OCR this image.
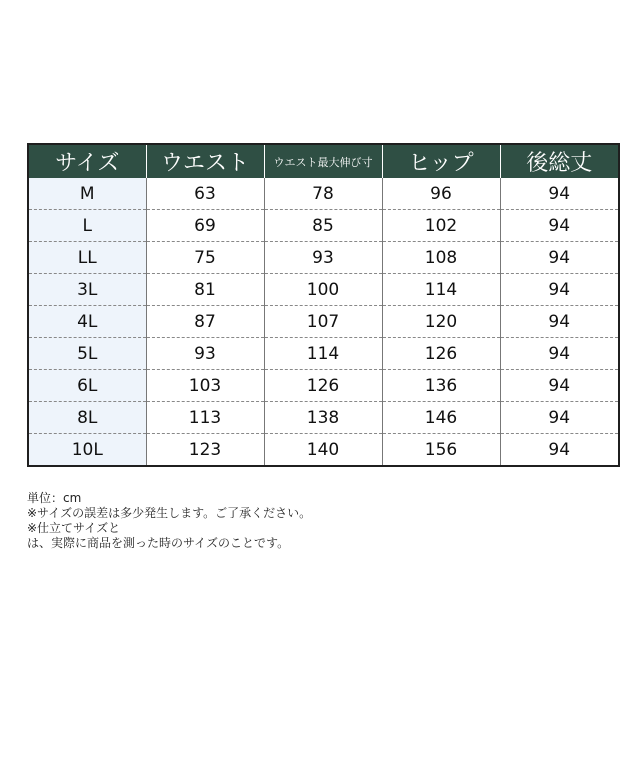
サイズ	ウエスト	ウエスト最大伸び寸	ヒップ	後総丈
M	63	78	96	94
L	69	85	102	94
LL	75	93	108	94
3L	81	100	114	94
4L	87	107	120	94
5L	93	114	126	94
6L	103	126	136	94
8L	113	138	146	94
10L	123	140	156	94
単位：cm
※サイズの誤差は多少発生します。ご了承ください。
※仕立てサイズと
は、実際に商品を測った時のサイズのことです。
